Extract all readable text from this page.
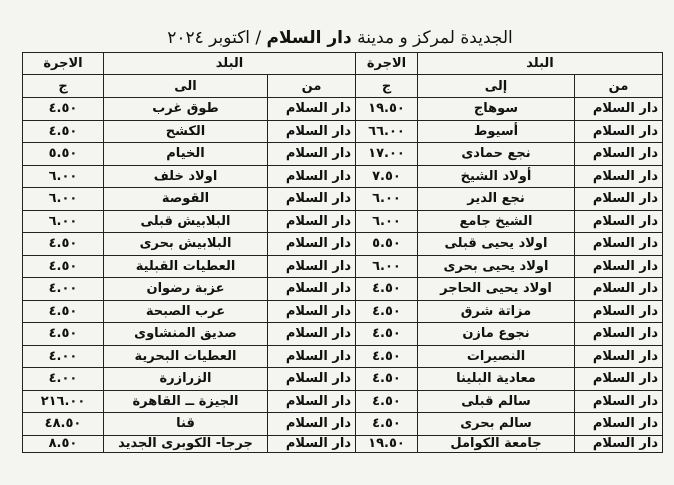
الجديدة لمركز و مدينة دار السلام / اكتوبر ٢٠٢٤
البلد		الاجرة	البلد		الاجرة
من	إلى	ج	من	الى	ج
دار السلام	سوهاج	١٩.٥٠	دار السلام	طوق غرب	٤.٥٠
دار السلام	أسيوط	٦٦.٠٠	دار السلام	الكشح	٤.٥٠
دار السلام	نجع حمادى	١٧.٠٠	دار السلام	الخيام	٥.٥٠
دار السلام	أولاد الشيخ	٧.٥٠	دار السلام	اولاد خلف	٦.٠٠
دار السلام	نجع الدير	٦.٠٠	دار السلام	القوصة	٦.٠٠
دار السلام	الشيخ جامع	٦.٠٠	دار السلام	البلابيش قبلى	٦.٠٠
دار السلام	اولاد يحيى قبلى	٥.٥٠	دار السلام	البلابيش بحرى	٤.٥٠
دار السلام	اولاد يحيى بحرى	٦.٠٠	دار السلام	العطيات القبلية	٤.٥٠
دار السلام	اولاد يحيى الحاجر	٤.٥٠	دار السلام	عزبة رضوان	٤.٠٠
دار السلام	مزاتة شرق	٤.٥٠	دار السلام	عرب الصبحة	٤.٥٠
دار السلام	نجوع مازن	٤.٥٠	دار السلام	صديق المنشاوى	٤.٥٠
دار السلام	النصيرات	٤.٥٠	دار السلام	العطيات البحرية	٤.٠٠
دار السلام	معادية البلينا	٤.٥٠	دار السلام	الزرازرة	٤.٠٠
دار السلام	سالم قبلى	٤.٥٠	دار السلام	الجيزة ــ القاهرة	٢١٦.٠٠
دار السلام	سالم بحرى	٤.٥٠	دار السلام	قنا	٤٨.٥٠
دار السلام	جامعة الكوامل	١٩.٥٠	دار السلام	جرجا- الكوبرى الجديد	٨.٥٠
